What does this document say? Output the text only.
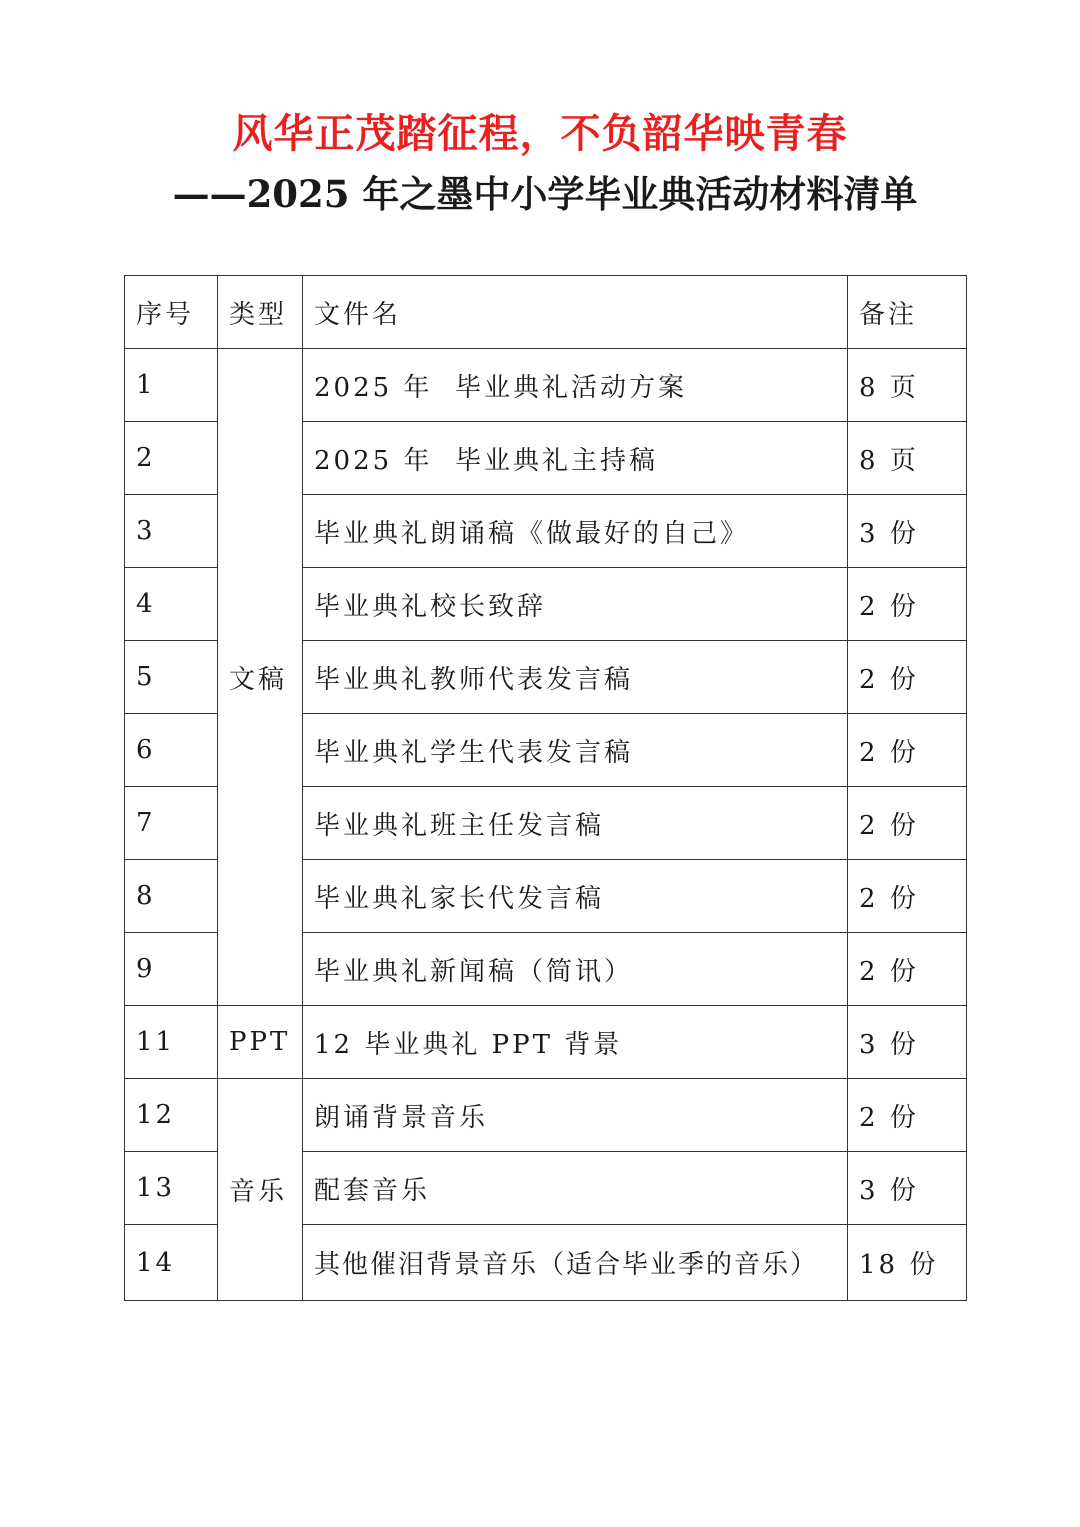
风华正茂踏征程，不负韶华映青春
——2025 年之墨中小学毕业典活动材料清单
序号	类型	文件名	备注
1	文稿	2025 年  毕业典礼活动方案	8 页
2		2025 年  毕业典礼主持稿	8 页
3		毕业典礼朗诵稿《做最好的自己》	3 份
4		毕业典礼校长致辞	2 份
5		毕业典礼教师代表发言稿	2 份
6		毕业典礼学生代表发言稿	2 份
7		毕业典礼班主任发言稿	2 份
8		毕业典礼家长代发言稿	2 份
9		毕业典礼新闻稿（简讯）	2 份
11	PPT	12 毕业典礼 PPT 背景	3 份
12	音乐	朗诵背景音乐	2 份
13		配套音乐	3 份
14		其他催泪背景音乐（适合毕业季的音乐）	18 份
